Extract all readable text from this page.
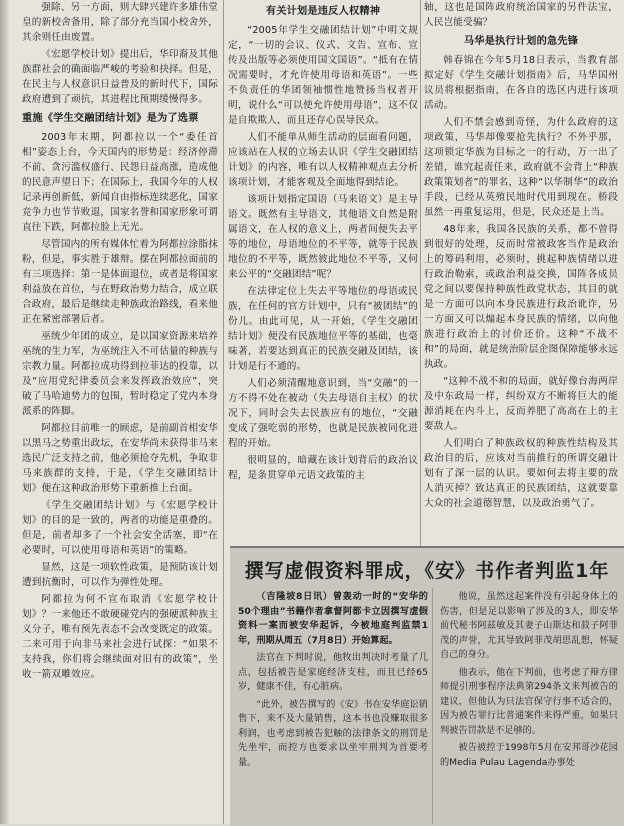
强除、另一方面，则大肆兴建许多雄伟堂皇的新校舍备用，除了部分充当国小校舍外，其余则任由废置。

《宏愿学校计划》提出后，华印裔及其他族群社会的确面临严峻的考验和抉择。但是，在民主与人权意识日益普及的新时代下，国际政府遭到了顽抗，其进程比预期缓慢得多。

重施《学生交融团结计划》是为了选票

2003年末期，阿都拉以一个“委任首相”姿态上台，今天国内的形势是：经济停滞不前、贪污滥权盛行、民怨日益高涨，造成他的民意声望日下；在国际上，我国今年的人权记录再创新低，新闻自由指标连续恶化，国家竞争力也节节败退，国家名誉和国家形象可谓直往下跌，阿都拉脸上无光。

尽管国内的所有媒体忙着为阿都拉涂脂抹粉，但是，事实胜于雄辩。摆在阿都拉面前的有三项选择：第一是体面退位，或者是将国家利益放在首位，与在野政治势力结合，成立联合政府，最后是继续走种族政治路线，看来他正在紧密部署后者。

巫统少年团的成立，是以国家资源来培养巫统的生力军，为巫统注入不可估量的种族与宗教力量。阿都拉成功得到拉菲达的投靠，以及“应用党纪律委员会来发挥政治效应”，突破了马哈迪势力的包围，暂时稳定了党内本身派系的阵脚。

阿都拉目前唯一的顾虑，是前副首相安华以黑马之势重出政坛，在安华尚未获得非马来选民广泛支持之前，他必须抢夺先机，争取非马来族群的支持，于是，《学生交融团结计划》便在这种政治形势下重新推上台面。

《学生交融团结计划》与《宏愿学校计划》的目的是一致的，两者的功能是重叠的。但是，前者却多了一个社会安全活塞，即“在必要时，可以使用母语和英语”的策略。

显然，这是一项软性政策，是预防该计划遭到抗衡时，可以作为弹性处理。

阿都拉为何不宣布取消《宏愿学校计划》？一来他还不敢硬碰党内的强硬派种族主义分子，唯有预先表态不会改变既定的政策。二来可用于向非马来社会进行试探：“如果不支持我，你们将会继续面对旧有的政策”，坐收一箭双雕效应。

有关计划是违反人权精神

“2005年学生交融团结计划”中明文规定，“一切的会议、仪式、文告、宣布、宣传及出版等必须使用国文国语”。“抵有在情况需要时，才允许使用母语和英语”。一些不负责任的华团领袖惯性地赞扬当权者开明，说什么“可以使允许使用母语”，这不仅是自欺欺人，而且还存心误导民众。

人们不能单从师生活动的层面看问题，应该站在人权的立场去认识《学生交融团结计划》的内容，唯有以人权精神观点去分析该项计划，才能客观及全面地得到结论。

该项计划指定国语（马来语文）是主导语文。既然有主导语文，其他语文自然是附属语文，在人权的意义上，两者间便失去平等的地位，母语地位的不平等，就等于民族地位的不平等，既然彼此地位不平等，又何来公平的“交融团结”呢？

在法律定位上失去平等地位的母语或民族，在任何的官方计划中，只有“被团结”的份儿。由此可见，从一开始，《学生交融团结计划》便没有民族地位平等的基础，也毫味著，若要达到真正的民族交融及团结，该计划是行不通的。

人们必须清醒地意识到，当“交融”的一方不得不处在被动（失去母语自主权）的状况下，同时会失去民族应有的地位，“交融变成了强吃弱的形势，也就是民族被同化进程的开始。

很明显的，暗藏在该计划背后的政治议程，是条贯穿单元语文政策的主

轴，这也是国阵政府统治国家的另件法宝，人民岂能受骗？

马华是执行计划的急先锋

韩春锦在今年5月18日表示，当教育部拟定好《学生交融计划指南》后，马华国州议员将根据指南，在各自的选区内进行该项活动。

人们不禁会感到奇怪，为什么政府的这项政策，马华却像要抢先执行？不外乎那，这项锁定华族为目标之一的行动，万一出了差错，谁究起责任来，政府就不会背上“种族政策策划者”的罪名，这种“以华制华”的政治手段，已经从英殖民地时代用到现在。桥段虽然一再重复运用，但是，民众还是上当。

48年来，我国各民族的关系，都不曾得到很好的处理，反而时常被政客当作是政治上的筹码利用，必须时，挑起种族情绪以进行政治勒索，或政治利益交换，国阵各成员党之间以要保持种族性政党状态，其目的就是一方面可以向本身民族进行政治讹诈，另一方面又可以煽起本身民族的情绪，以向他族进行政治上的讨价还价。这种“不战不和”的局面，就是统治阶层企图保障能够永远执政。

“这种不战不和的局面，就好像台海两岸及中东政局一样，纠纷双方不断将巨大的能源消耗在内斗上，反而养肥了高高在上的主要敌人。

人们明白了种族政权的种族性结构及其政治目的后，应该对当前推行的所谓交融计划有了深一层的认识。要如何去将主要的敌人消灭掉？致达真正的民族团结，这就要靠大众的社会道德智慧，以及政治勇气了。

撰写虚假资料罪成，《安》书作者判监1年

（吉隆坡8日讯）曾轰动一时的“安华的50个理由”书籍作者拿督阿都卡立因撰写虚假资料一案而被安华起诉，今被地庭判监禁1年，刑期从周五（7月8日）开始算起。

法官在下判时说，他牧出判决时考量了几点，包括被告是家庭经济支柱，而且已经65岁，健康不佳，有心脏病。

“此外，被告撰写的《安》书在安华庭讼销售下，来不及大量销售，这本书也没赚取很多利润，也考虑到被告犯触的法律条文的刑罚是先坐牢，而控方也要求以坐牢刑判为首要考量。

他说，虽然这起案件没有引起身体上的伤害，但是足以影响了涉及的3人，即安华前代秘书阿兹敏及其妻子山斯达和菽子阿菲茂的声誉，尤其导致阿菲茂胡思乱想，怀疑自己的身分。

他表示，他在下判前，也考虑了辩方律师提引刑事程序法典第294条文来判被告的建议，但他认为只法官保守行事不适合的，因为被告罪行比普通案件来得严重，如果只判被告罚款是不足够的。

被告被控于1998年5月在安邦哥沙花园的Media Pulau Lagenda办事处
